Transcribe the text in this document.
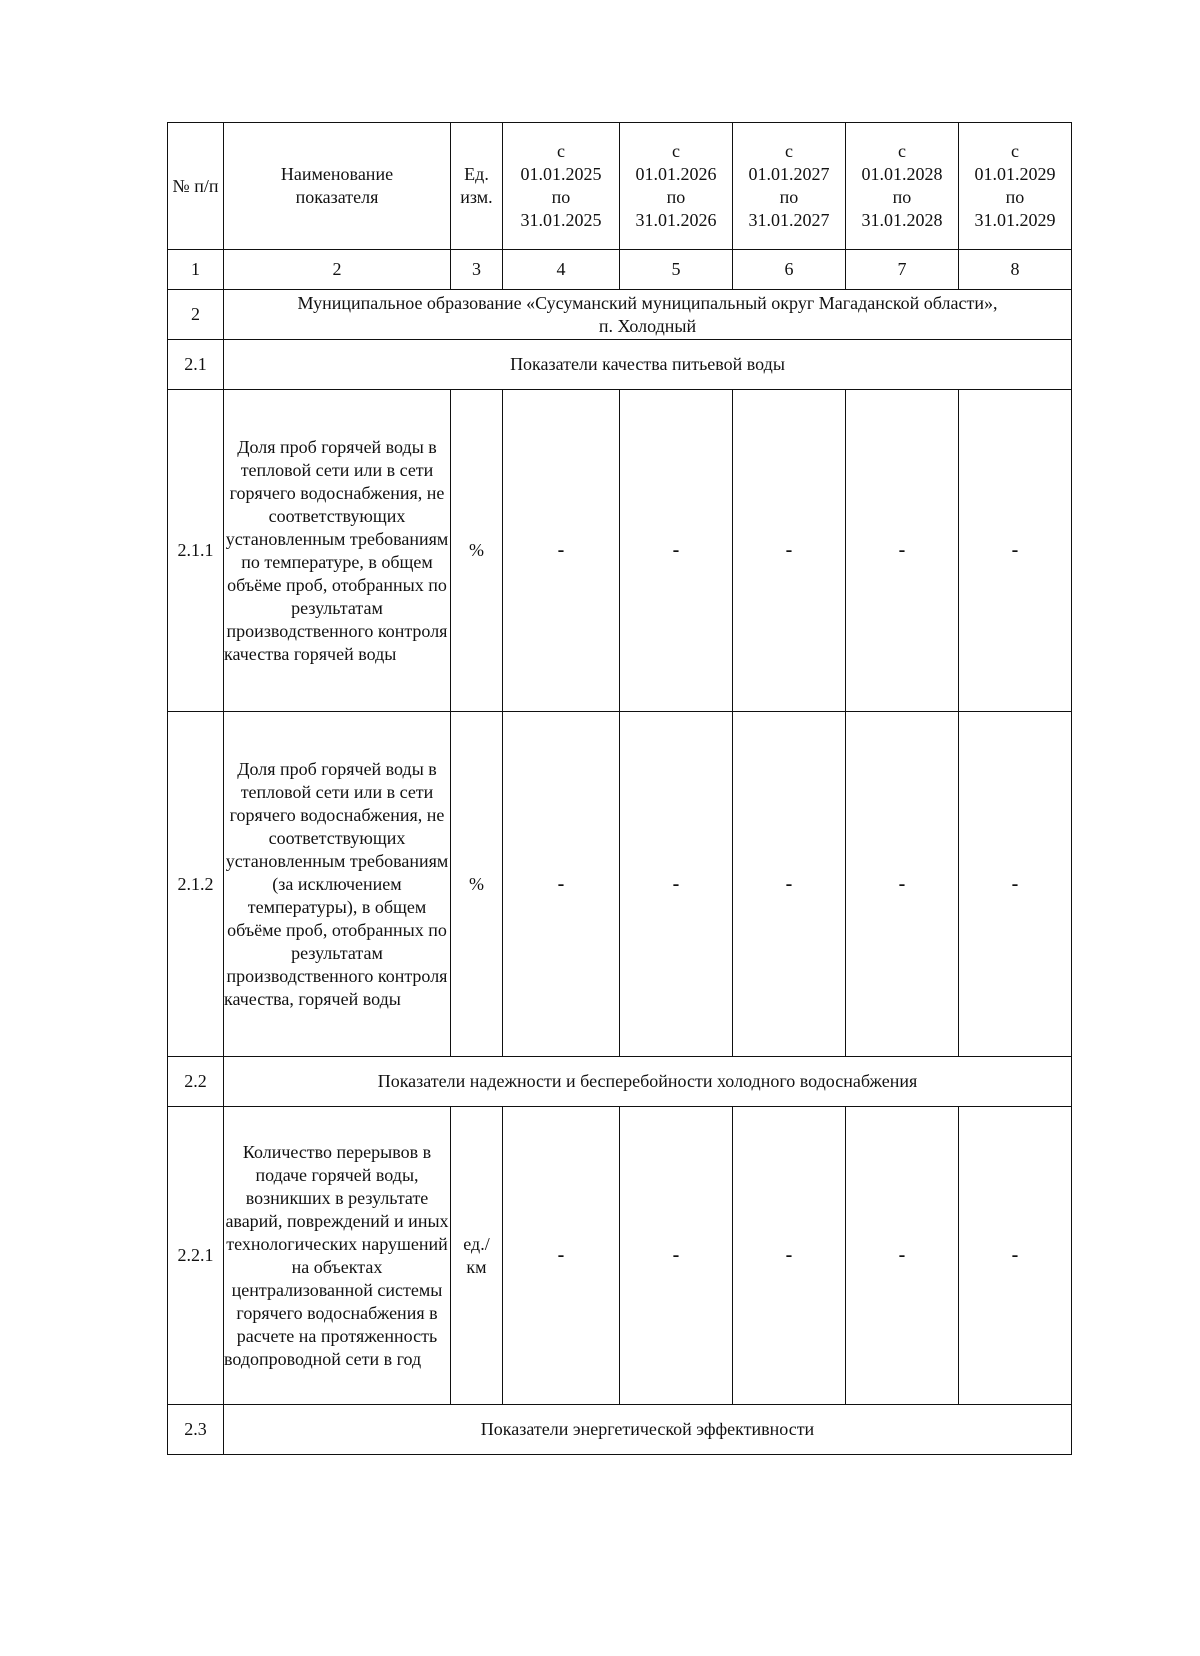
№ п/п	Наименование показателя	Ед. изм.	с
01.01.2025
по
31.01.2025	с
01.01.2026
по
31.01.2026	с
01.01.2027
по
31.01.2027	с
01.01.2028
по
31.01.2028	с
01.01.2029
по
31.01.2029

1	2	3	4	5	6	7	8
2	Муниципальное образование «Сусуманский муниципальный округ Магаданской области»,
п. Холодный						

2.1	Показатели качества питьевой воды						
2.1.1	Доля проб горячей воды в тепловой сети или в сети горячего водоснабжения, не соответствующих установленным требованиям по температуре, в общем объёме проб, отобранных по результатам производственного контроля качества горячей воды	%	-	-	-	-	-
2.1.2	Доля проб горячей воды в тепловой сети или в сети горячего водоснабжения, не соответствующих установленным требованиям (за исключением температуры), в общем объёме проб, отобранных по результатам производственного контроля качества, горячей воды	%	-	-	-	-	-
2.2	Показатели надежности и бесперебойности холодного водоснабжения						
2.2.1	Количество перерывов в подаче горячей воды, возникших в результате аварий, повреждений и иных технологических нарушений на объектах централизованной системы горячего водоснабжения в расчете на протяженность водопроводной сети в год	ед./ км	-	-	-	-	-
2.3	Показатели энергетической эффективности						
